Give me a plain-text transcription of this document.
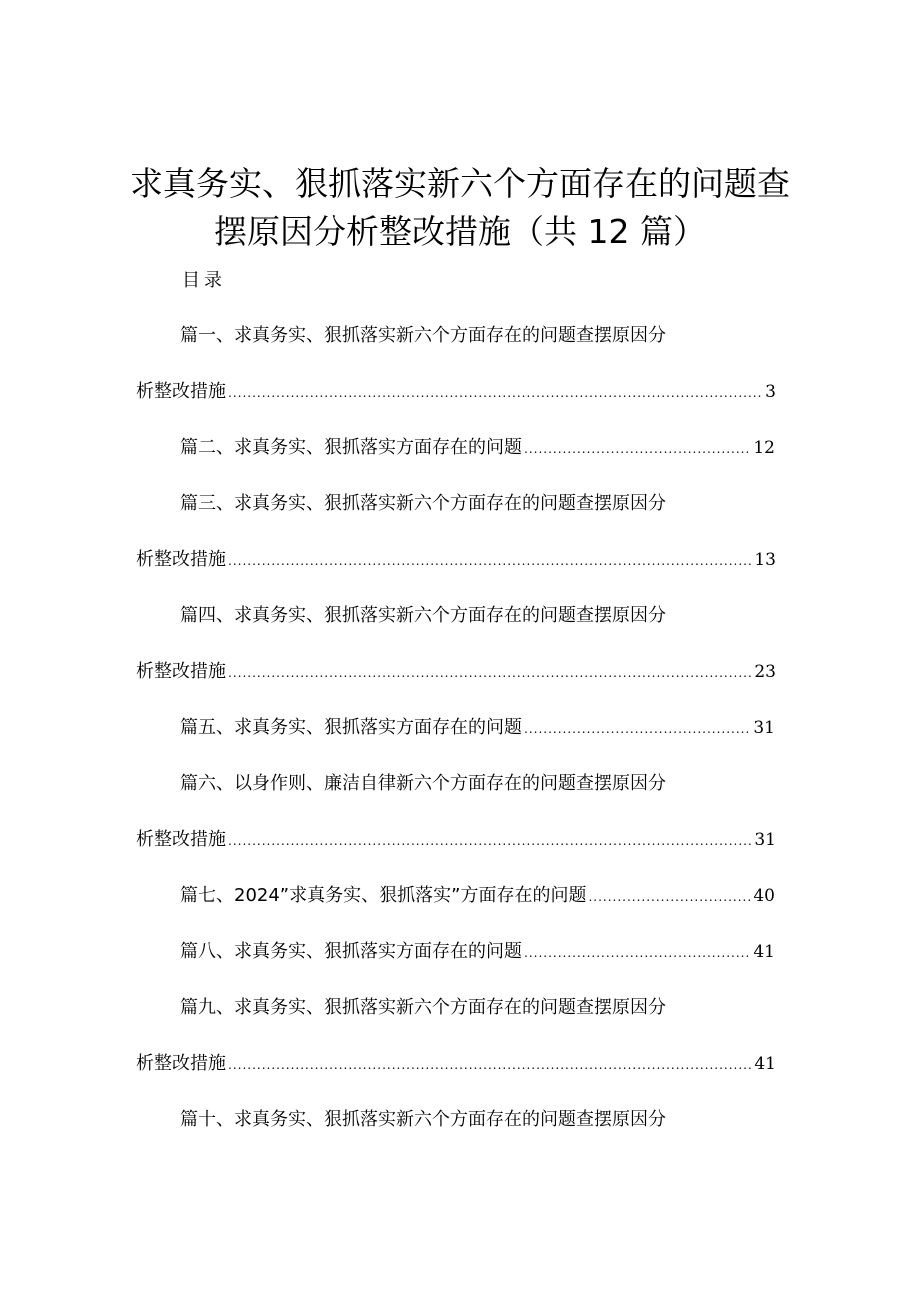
求真务实、狠抓落实新六个方面存在的问题查
摆原因分析整改措施（共 12 篇）
目录
篇一、求真务实、狠抓落实新六个方面存在的问题查摆原因分
析整改措施 .....	3
篇二、求真务实、狠抓落实方面存在的问题 .....	12
篇三、求真务实、狠抓落实新六个方面存在的问题查摆原因分
析整改措施 .....	13
篇四、求真务实、狠抓落实新六个方面存在的问题查摆原因分
析整改措施 .....	23
篇五、求真务实、狠抓落实方面存在的问题 .....	31
篇六、以身作则、廉洁自律新六个方面存在的问题查摆原因分
析整改措施 .....	31
篇七、2024”求真务实、狠抓落实”方面存在的问题 .....	40
篇八、求真务实、狠抓落实方面存在的问题 .....	41
篇九、求真务实、狠抓落实新六个方面存在的问题查摆原因分
析整改措施 .....	41
篇十、求真务实、狠抓落实新六个方面存在的问题查摆原因分
